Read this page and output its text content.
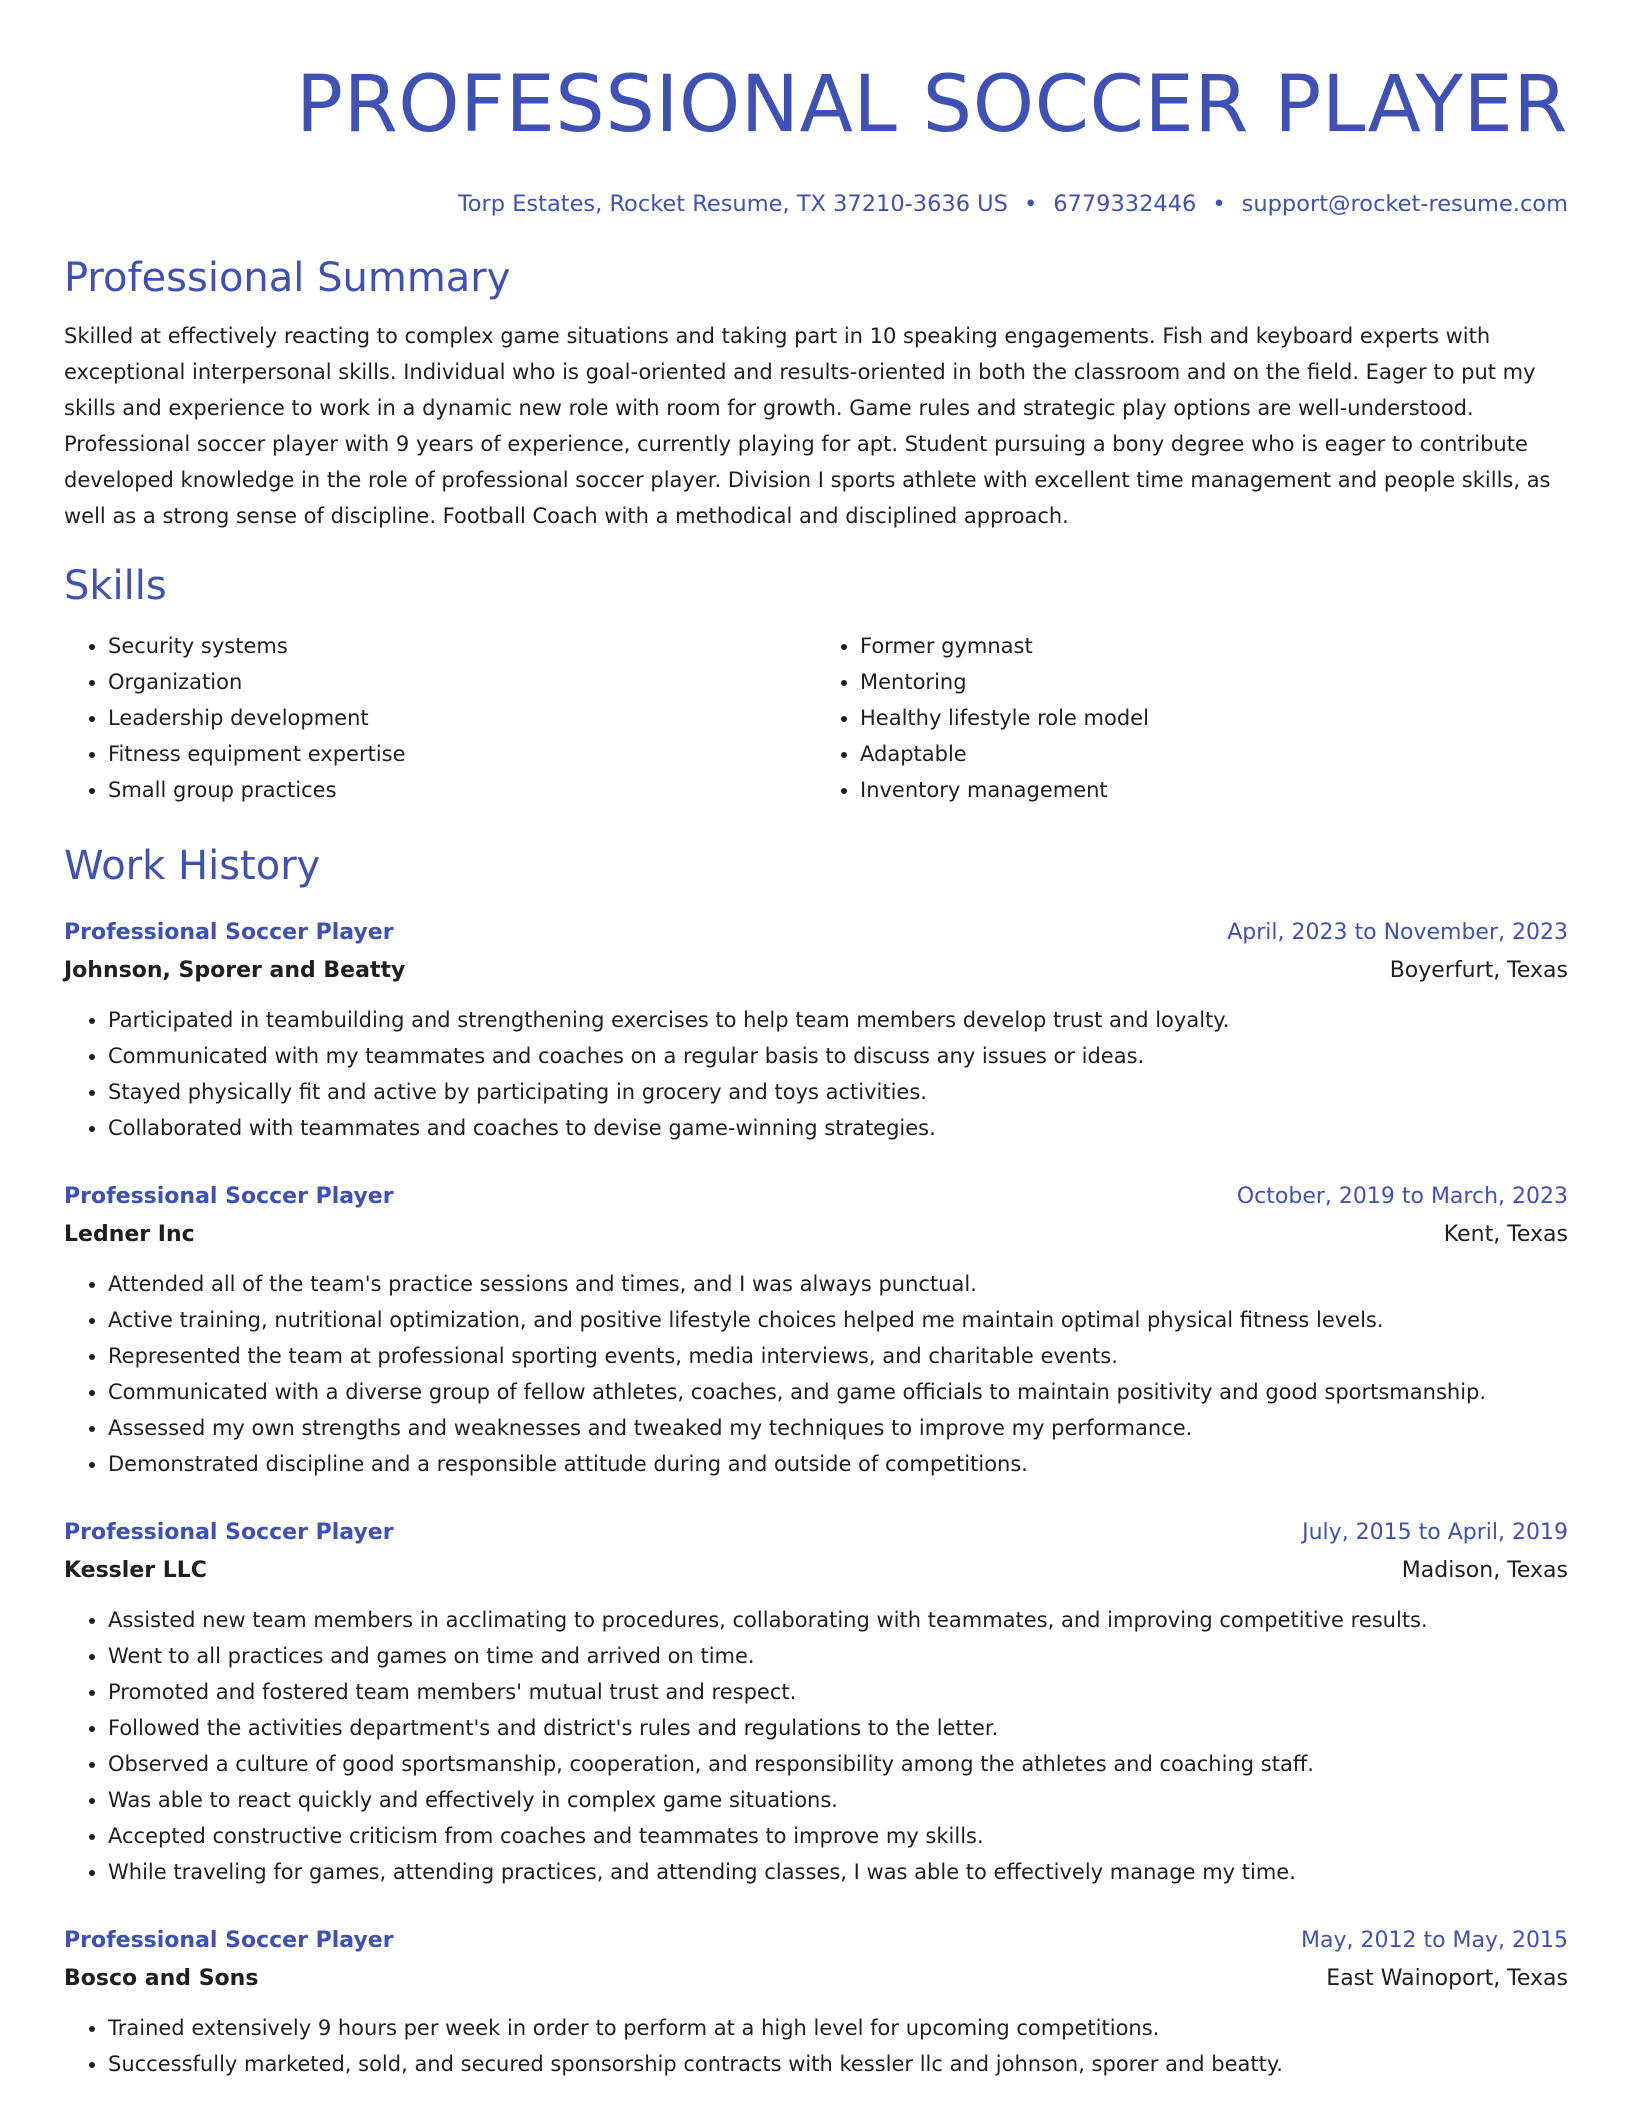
PROFESSIONAL SOCCER PLAYER
Torp Estates, Rocket Resume, TX 37210-3636 US • 6779332446 • support@rocket-resume.com
Professional Summary
Skilled at effectively reacting to complex game situations and taking part in 10 speaking engagements. Fish and keyboard experts with exceptional interpersonal skills. Individual who is goal-oriented and results-oriented in both the classroom and on the field. Eager to put my skills and experience to work in a dynamic new role with room for growth. Game rules and strategic play options are well-understood. Professional soccer player with 9 years of experience, currently playing for apt. Student pursuing a bony degree who is eager to contribute developed knowledge in the role of professional soccer player. Division I sports athlete with excellent time management and people skills, as well as a strong sense of discipline. Football Coach with a methodical and disciplined approach.
Skills
• Security systems
• Organization
• Leadership development
• Fitness equipment expertise
• Small group practices
• Former gymnast
• Mentoring
• Healthy lifestyle role model
• Adaptable
• Inventory management
Work History
Professional Soccer Player	April, 2023 to November, 2023
Johnson, Sporer and Beatty	Boyerfurt, Texas
• Participated in teambuilding and strengthening exercises to help team members develop trust and loyalty.
• Communicated with my teammates and coaches on a regular basis to discuss any issues or ideas.
• Stayed physically fit and active by participating in grocery and toys activities.
• Collaborated with teammates and coaches to devise game-winning strategies.
Professional Soccer Player	October, 2019 to March, 2023
Ledner Inc	Kent, Texas
• Attended all of the team's practice sessions and times, and I was always punctual.
• Active training, nutritional optimization, and positive lifestyle choices helped me maintain optimal physical fitness levels.
• Represented the team at professional sporting events, media interviews, and charitable events.
• Communicated with a diverse group of fellow athletes, coaches, and game officials to maintain positivity and good sportsmanship.
• Assessed my own strengths and weaknesses and tweaked my techniques to improve my performance.
• Demonstrated discipline and a responsible attitude during and outside of competitions.
Professional Soccer Player	July, 2015 to April, 2019
Kessler LLC	Madison, Texas
• Assisted new team members in acclimating to procedures, collaborating with teammates, and improving competitive results.
• Went to all practices and games on time and arrived on time.
• Promoted and fostered team members' mutual trust and respect.
• Followed the activities department's and district's rules and regulations to the letter.
• Observed a culture of good sportsmanship, cooperation, and responsibility among the athletes and coaching staff.
• Was able to react quickly and effectively in complex game situations.
• Accepted constructive criticism from coaches and teammates to improve my skills.
• While traveling for games, attending practices, and attending classes, I was able to effectively manage my time.
Professional Soccer Player	May, 2012 to May, 2015
Bosco and Sons	East Wainoport, Texas
• Trained extensively 9 hours per week in order to perform at a high level for upcoming competitions.
• Successfully marketed, sold, and secured sponsorship contracts with kessler llc and johnson, sporer and beatty.
